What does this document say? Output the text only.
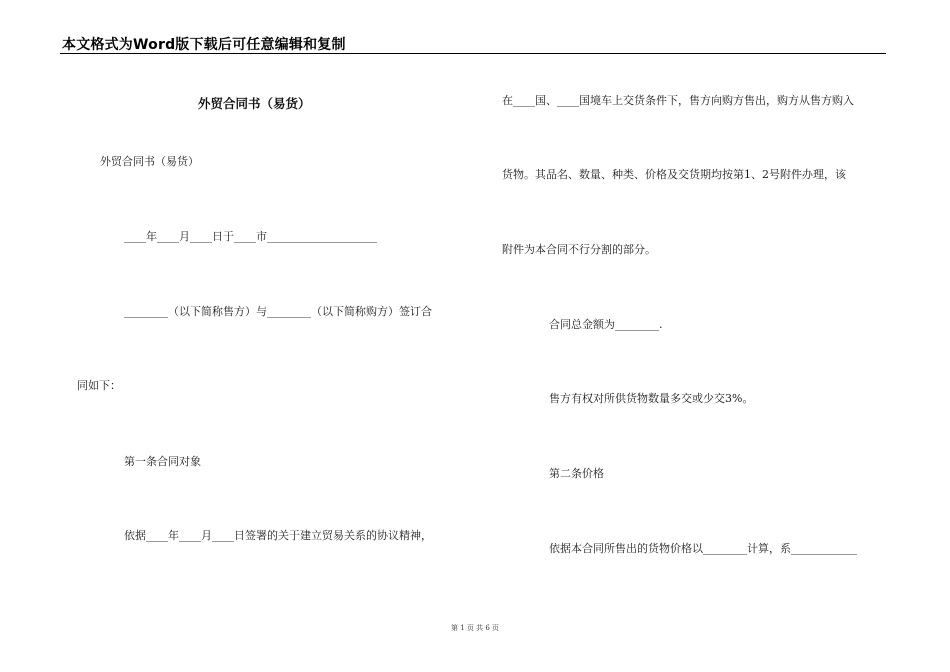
本文格式为Word版下载后可任意编辑和复制
外贸合同书（易货）
外贸合同书（易货）
____年____月____日于____市____________________
________（以下简称售方）与________（以下简称购方）签订合
同如下：
第一条合同对象
依据____年____月____日签署的关于建立贸易关系的协议精神，
在____国、____国境车上交货条件下，售方向购方售出，购方从售方购入
货物。其品名、数量、种类、价格及交货期均按第1、2号附件办理，该
附件为本合同不行分割的部分。
合同总金额为________.
售方有权对所供货物数量多交或少交3%。
第二条价格
依据本合同所售出的货物价格以________计算，系____________
第 1 页 共 6 页
